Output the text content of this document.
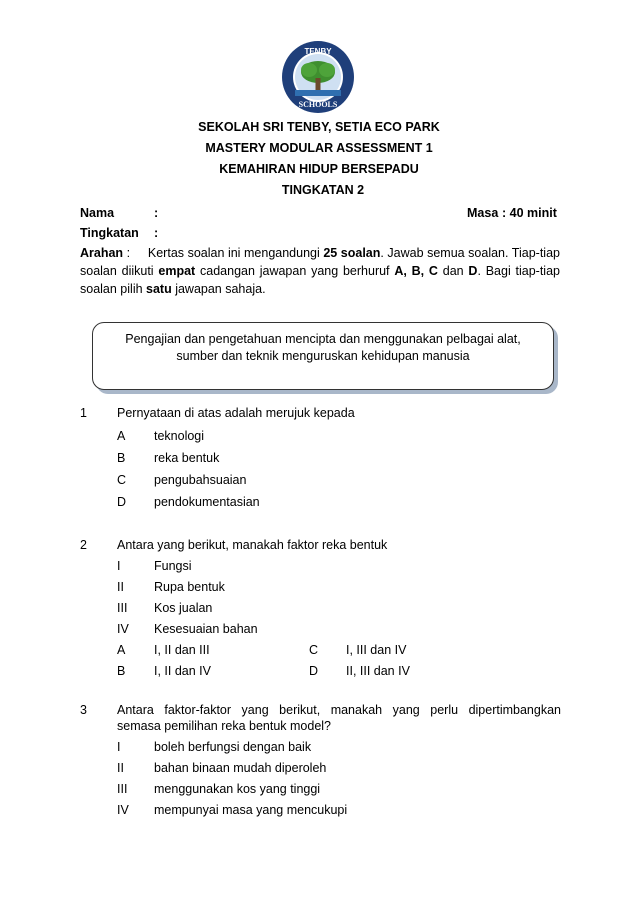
TENBY
SCHOOLS
SEKOLAH SRI TENBY, SETIA ECO PARK
MASTERY MODULAR ASSESSMENT 1
KEMAHIRAN HIDUP BERSEPADU
TINGKATAN 2
Nama	:	Masa : 40 minit
Tingkatan :
Arahan : Kertas soalan ini mengandungi 25 soalan. Jawab semua soalan. Tiap-tiap soalan diikuti empat cadangan jawapan yang berhuruf A, B, C dan D. Bagi tiap-tiap soalan pilih satu jawapan sahaja.
Pengajian dan pengetahuan mencipta dan menggunakan pelbagai alat,
sumber dan teknik menguruskan kehidupan manusia
1 Pernyataan di atas adalah merujuk kepada
A teknologi
B reka bentuk
C pengubahsuaian
D pendokumentasian
2 Antara yang berikut, manakah faktor reka bentuk
I	Fungsi
II Rupa bentuk
III Kos jualan
IV Kesesuaian bahan
A I, II dan III	C I, III dan IV
B I, II dan IV	D II, III dan IV
3 Antara faktor-faktor yang berikut, manakah yang perlu dipertimbangkan
semasa pemilihan reka bentuk model?
I	boleh berfungsi dengan baik
II bahan binaan mudah diperoleh
III menggunakan kos yang tinggi
IV mempunyai masa yang mencukupi
